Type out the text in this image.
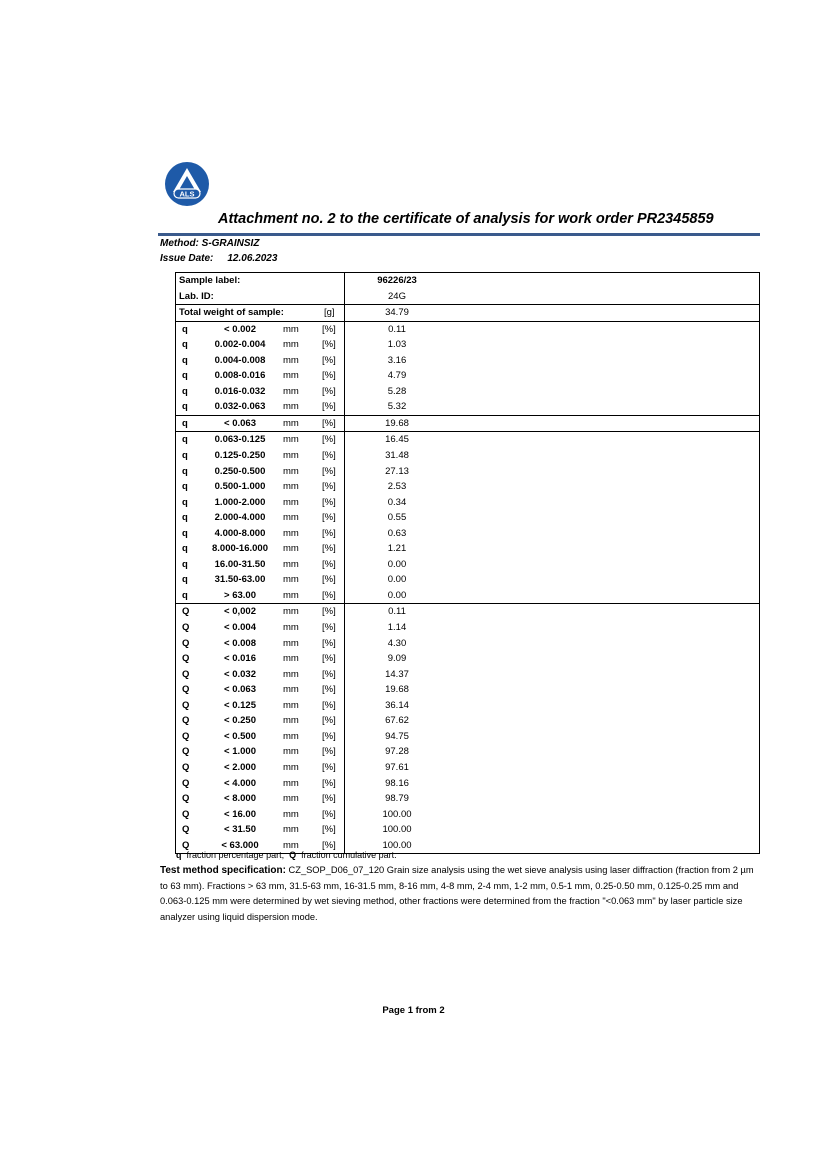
ALS
Attachment no. 2 to the certificate of analysis for work order PR2345859
Method: S-GRAINSIZ
Issue Date: 12.06.2023
Sample label:	96226/23
Lab. ID:	24G
Total weight of sample:	[g]	34.79
q	< 0.002	mm [%]	0.11
q	0.002-0.004	mm [%]	1.03
q	0.004-0.008	mm [%]	3.16
q	0.008-0.016	mm [%]	4.79
q	0.016-0.032	mm [%]	5.28
q	0.032-0.063	mm [%]	5.32
q	< 0.063	mm [%]	19.68
q	0.063-0.125	mm [%]	16.45
q	0.125-0.250	mm [%]	31.48
q	0.250-0.500	mm [%]	27.13
q	0.500-1.000	mm [%]	2.53
q	1.000-2.000	mm [%]	0.34
q	2.000-4.000	mm [%]	0.55
q	4.000-8.000	mm [%]	0.63
q	8.000-16.000	mm [%]	1.21
q	16.00-31.50	mm [%]	0.00
q	31.50-63.00	mm [%]	0.00
q	> 63.00	mm [%]	0.00
Q	< 0,002	mm [%]	0.11
Q	< 0.004	mm [%]	1.14
Q	< 0.008	mm [%]	4.30
Q	< 0.016	mm [%]	9.09
Q	< 0.032	mm [%]	14.37
Q	< 0.063	mm [%]	19.68
Q	< 0.125	mm [%]	36.14
Q	< 0.250	mm [%]	67.62
Q	< 0.500	mm [%]	94.75
Q	< 1.000	mm [%]	97.28
Q	< 2.000	mm [%]	97.61
Q	< 4.000	mm [%]	98.16
Q	< 8.000	mm [%]	98.79
Q	< 16.00	mm [%]	100.00
Q	< 31.50	mm [%]	100.00
Q	< 63.000	mm [%]	100.00
q fraction percentage part, Q fraction cumulative part.
Test method specification: CZ_SOP_D06_07_120 Grain size analysis using the wet sieve analysis using laser diffraction (fraction from 2 µm to 63 mm). Fractions > 63 mm, 31.5-63 mm, 16-31.5 mm, 8-16 mm, 4-8 mm, 2-4 mm, 1-2 mm, 0.5-1 mm, 0.25-0.50 mm, 0.125-0.25 mm and 0.063-0.125 mm were determined by wet sieving method, other fractions were determined from the fraction "<0.063 mm" by laser particle size analyzer using liquid dispersion mode.
Page 1 from 2
